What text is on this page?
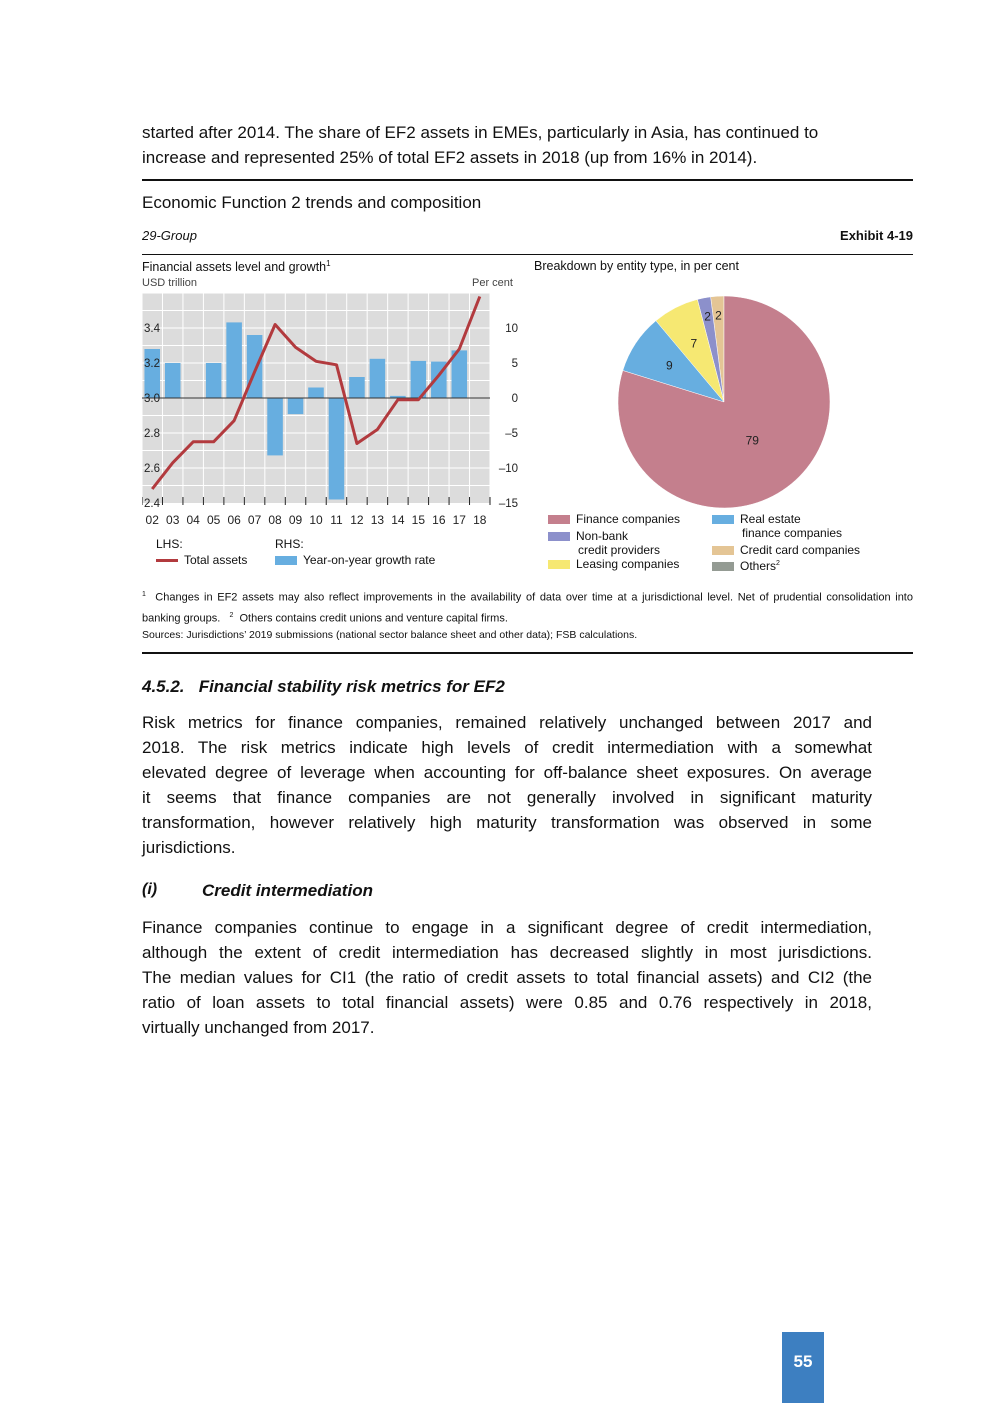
started after 2014. The share of EF2 assets in EMEs, particularly in Asia, has continued to
increase and represented 25% of total EF2 assets in 2018 (up from 16% in 2014).
Economic Function 2 trends and composition
29-Group	Exhibit 4-19
Financial assets level and growth$^1$
USD trillion	Per cent
02 03 04 05 06 07 08 09 10 11 12 13 14 15 16 17 18
2.4
2.6
2.8
3.0
3.2
3.4
–15
–10
–5
0
5
10
LHS:	RHS:
Total assets	Year-on-year growth rate
Breakdown by entity type, in per cent
2
2
7
9
79
Finance companies
Non-bank
credit providers
Leasing companies
Real estate
finance companies
Credit card companies
Others$^2$
$^1$ Changes in EF2 assets may also reflect improvements in the availability of data over time at a jurisdictional level. Net of prudential consolidation into banking groups. $^2$ Others contains credit unions and venture capital firms.
Sources: Jurisdictions’ 2019 submissions (national sector balance sheet and other data); FSB calculations.
4.5.2.   Financial stability risk metrics for EF2
Risk metrics for finance companies, remained relatively unchanged between 2017 and
2018. The risk metrics indicate high levels of credit intermediation with a somewhat
elevated degree of leverage when accounting for off-balance sheet exposures. On average
it seems that finance companies are not generally involved in significant maturity
transformation, however relatively high maturity transformation was observed in some
jurisdictions.
(i)	Credit intermediation
Finance companies continue to engage in a significant degree of credit intermediation,
although the extent of credit intermediation has decreased slightly in most jurisdictions.
The median values for CI1 (the ratio of credit assets to total financial assets) and CI2 (the
ratio of loan assets to total financial assets) were 0.85 and 0.76 respectively in 2018,
virtually unchanged from 2017.
55
